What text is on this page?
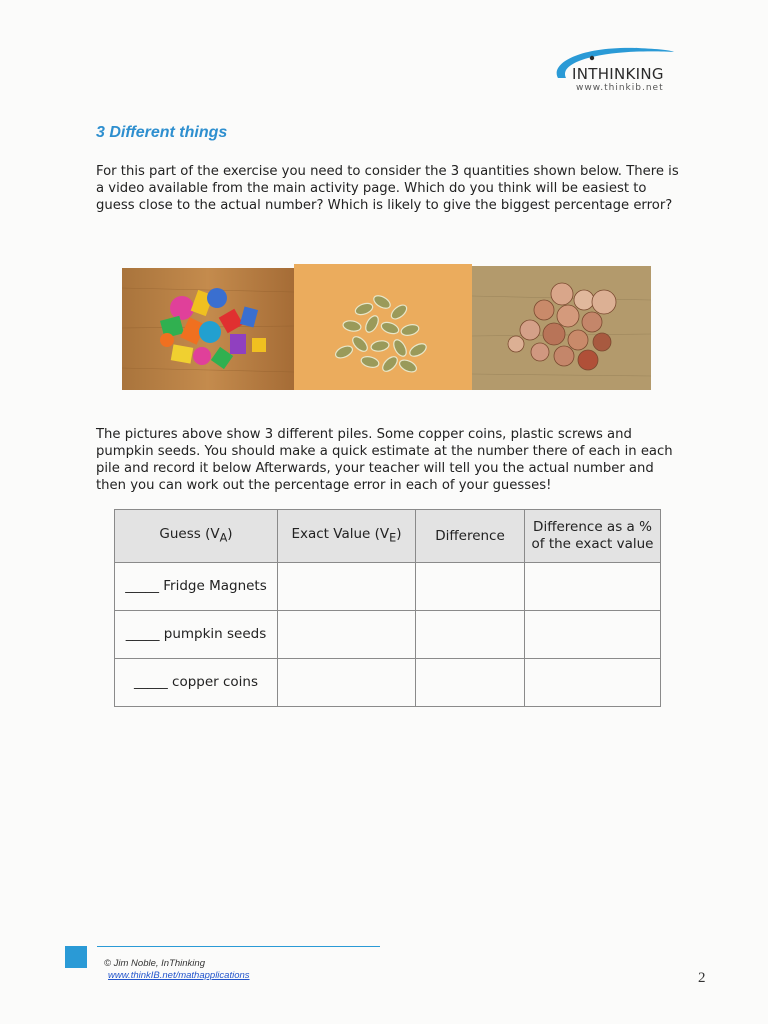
INTHINKING
www.thinkib.net
3 Different things
For this part of the exercise you need to consider the 3 quantities shown below. There is a video available from the main activity page. Which do you think will be easiest to guess close to the actual number? Which is likely to give the biggest percentage error?
The pictures above show 3 different piles. Some copper coins, plastic screws and pumpkin seeds. You should make a quick estimate at the number there of each in each pile and record it below Afterwards, your teacher will tell you the actual number and then you can work out the percentage error in each of your guesses!
Guess $(V_A)$	Exact Value $(V_E)$	Difference	Difference as a % of the exact value
_____ Fridge Magnets			
_____ pumpkin seeds			
_____ copper coins			
© Jim Noble, InThinking
www.thinkIB.net/mathapplications	2
